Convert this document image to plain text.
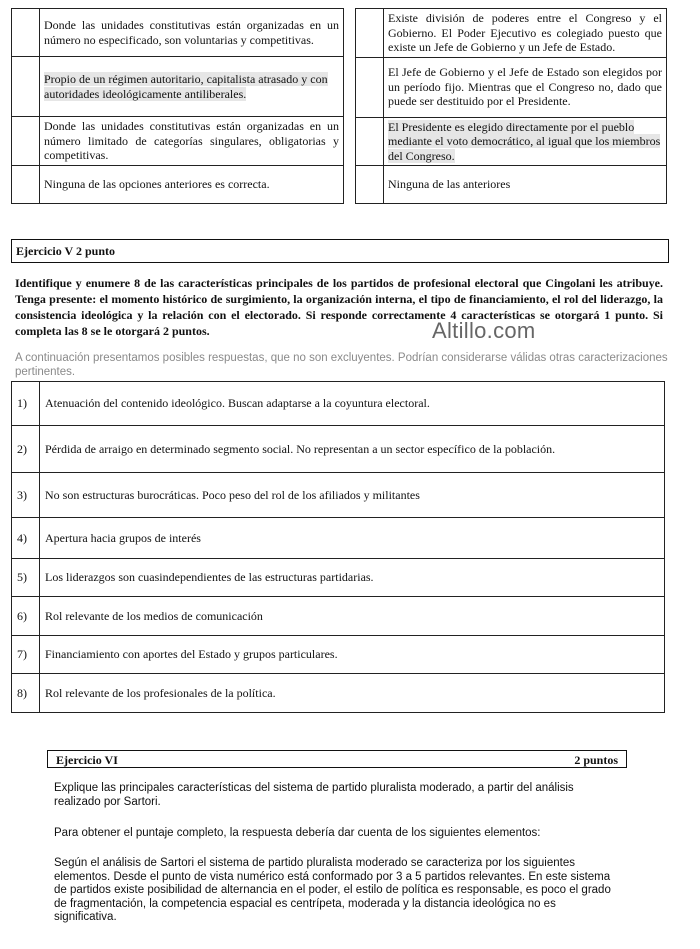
	Donde las unidades constitutivas están organizadas en un número no especificado, son voluntarias y competitivas.
	Propio de un régimen autoritario, capitalista atrasado y con autoridades ideológicamente antiliberales.
	Donde las unidades constitutivas están organizadas en un número limitado de categorías singulares, obligatorias y competitivas.
	Ninguna de las opciones anteriores es correcta.
	Existe división de poderes entre el Congreso y el Gobierno. El Poder Ejecutivo es colegiado puesto que existe un Jefe de Gobierno y un Jefe de Estado.
	El Jefe de Gobierno y el Jefe de Estado son elegidos por un período fijo. Mientras que el Congreso no, dado que puede ser destituido por el Presidente.
	El Presidente es elegido directamente por el pueblo mediante el voto democrático, al igual que los miembros del Congreso.
	Ninguna de las anteriores
Ejercicio V 2 punto
Identifique y enumere 8 de las características principales de los partidos de profesional electoral que Cingolani les atribuye. Tenga presente: el momento histórico de surgimiento, la organización interna, el tipo de financiamiento, el rol del liderazgo, la consistencia ideológica y la relación con el electorado. Si responde correctamente 4 características se otorgará 1 punto. Si completa las 8 se le otorgará 2 puntos.	Altillo.com
A continuación presentamos posibles respuestas, que no son excluyentes. Podrían considerarse válidas otras caracterizaciones pertinentes.
1)	Atenuación del contenido ideológico. Buscan adaptarse a la coyuntura electoral.
2)	Pérdida de arraigo en determinado segmento social. No representan a un sector específico de la población.
3)	No son estructuras burocráticas. Poco peso del rol de los afiliados y militantes
4)	Apertura hacia grupos de interés
5)	Los liderazgos son cuasindependientes de las estructuras partidarias.
6)	Rol relevante de los medios de comunicación
7)	Financiamiento con aportes del Estado y grupos particulares.
8)	Rol relevante de los profesionales de la política.
Ejercicio VI	2 puntos
Explique las principales características del sistema de partido pluralista moderado, a partir del análisis realizado por Sartori.
Para obtener el puntaje completo, la respuesta debería dar cuenta de los siguientes elementos:
Según el análisis de Sartori el sistema de partido pluralista moderado se caracteriza por los siguientes elementos. Desde el punto de vista numérico está conformado por 3 a 5 partidos relevantes. En este sistema de partidos existe posibilidad de alternancia en el poder, el estilo de política es responsable, es poco el grado de fragmentación, la competencia espacial es centrípeta, moderada y la distancia ideológica no es significativa.
